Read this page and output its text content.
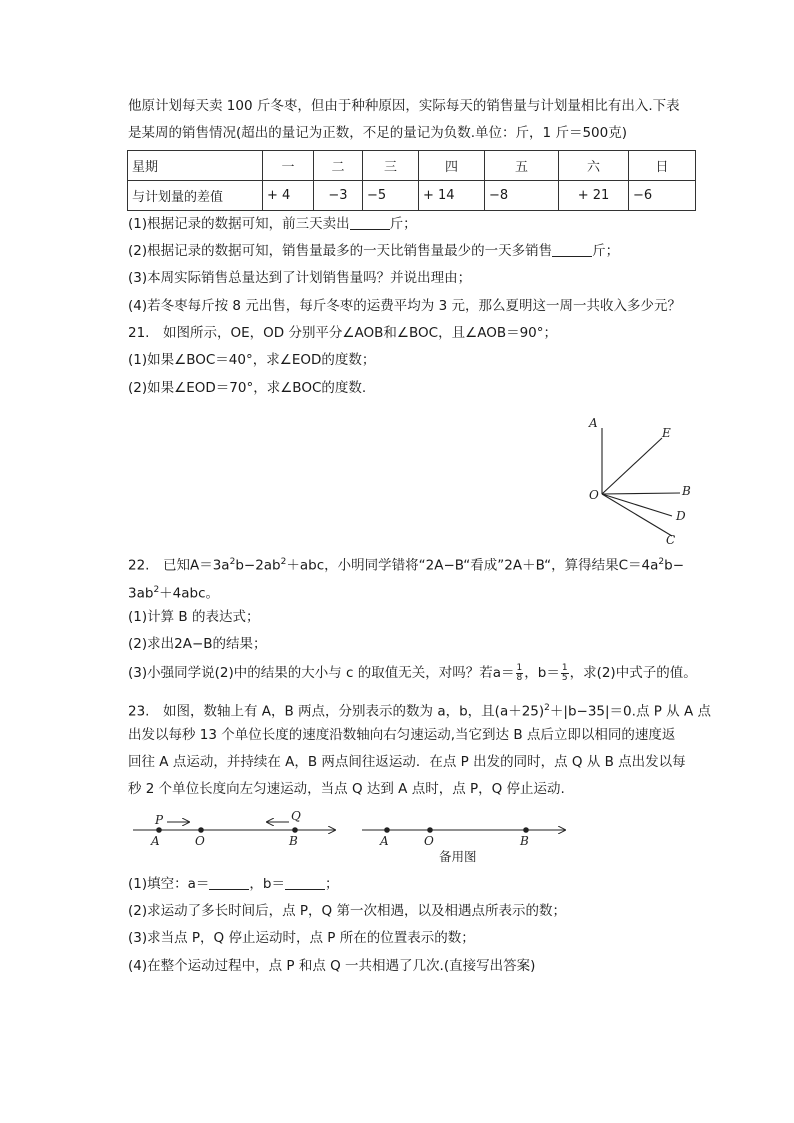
他原计划每天卖 100 斤冬枣，但由于种种原因，实际每天的销售量与计划量相比有出入.下表
是某周的销售情况(超出的量记为正数，不足的量记为负数.单位：斤，1 斤＝500克)
星期	一	二	三	四	五	六	日
与计划量的差值	+ 4	−3	−5	+ 14	−8	+ 21	−6
(1)根据记录的数据可知，前三天卖出	斤；
(2)根据记录的数据可知，销售量最多的一天比销售量最少的一天多销售	斤；
(3)本周实际销售总量达到了计划销售量吗？并说出理由；
(4)若冬枣每斤按 8 元出售，每斤冬枣的运费平均为 3 元，那么夏明这一周一共收入多少元？
21.　如图所示，OE，OD 分别平分∠AOB和∠BOC，且∠AOB＝90°；
(1)如果∠BOC＝40°，求∠EOD的度数；
(2)如果∠EOD＝70°，求∠BOC的度数.
A
E
O	B
D
C
22.　已知$A=3a^2b-2ab^2+abc$，小明同学错将“2A−B“看成”2A＋B“，算得结果$C=4a^2b-$
$3ab^2+4abc$。
(1)计算 B 的表达式；
(2)求出2A−B的结果；
(3)小强同学说(2)中的结果的大小与 c 的取值无关，对吗？若$a= \frac{1}{8}$ ，$b= \frac{1}{5}$ ，求(2)中式子的值。
23.　如图，数轴上有 A，B 两点，分别表示的数为 a，b，且$(a+25)^2+|b-35|=0$.点 P 从 A 点
出发以每秒 13 个单位长度的速度沿数轴向右匀速运动,当它到达 B 点后立即以相同的速度返
回往 A 点运动，并持续在 A，B 两点间往返运动．在点 P 出发的同时，点 Q 从 B 点出发以每
秒 2 个单位长度向左匀速运动，当点 Q 达到 A 点时，点 P，Q 停止运动.
P	Q
A	O	B	A	O	B
备用图
(1)填空：a＝	，b＝	；
(2)求运动了多长时间后，点 P，Q 第一次相遇，以及相遇点所表示的数；
(3)求当点 P，Q 停止运动时，点 P 所在的位置表示的数；
(4)在整个运动过程中，点 P 和点 Q 一共相遇了几次.(直接写出答案)
